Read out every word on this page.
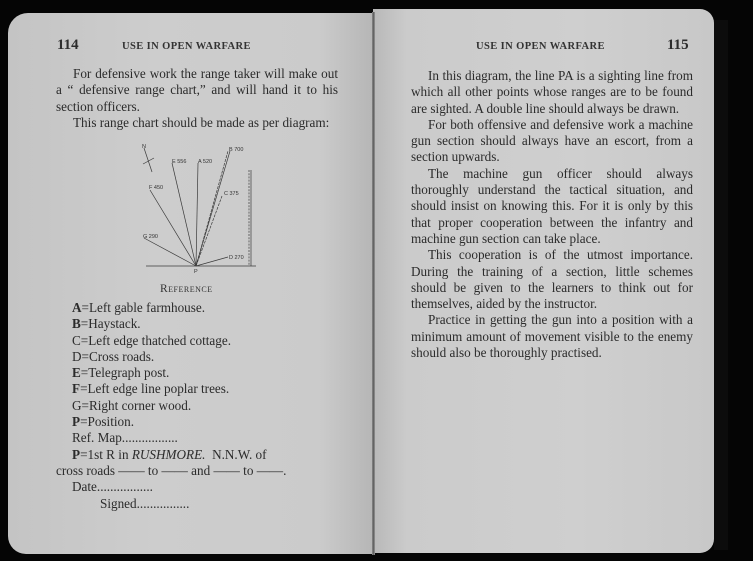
114	USE IN OPEN WARFARE

For defensive work the range taker will make out a “ defensive range chart,” and will hand it to his section officers.

This range chart should be made as per diagram:

N
E 556 A 520
B 700
F 450
C 375
G 290
D 270
P
Reference
A=Left gable farmhouse.
B=Haystack.
C=Left edge thatched cottage.
D=Cross roads.
E=Telegraph post.
F=Left edge line poplar trees.
G=Right corner wood.
P=Position.
Ref. Map.................
P=1st R in RUSHMORE.  N.N.W. of
cross roads —— to —— and —— to ——.
Date.................
Signed................
USE IN OPEN WARFARE	115

In this diagram, the line PA is a sighting line from which all other points whose ranges are to be found are sighted. A double line should always be drawn.

For both offensive and defensive work a machine gun section should always have an escort, from a section upwards.

The machine gun officer should always thoroughly understand the tactical situation, and should insist on knowing this. For it is only by this that proper cooperation between the infantry and machine gun section can take place.

This cooperation is of the utmost importance. During the training of a section, little schemes should be given to the learners to think out for themselves, aided by the instructor.

Practice in getting the gun into a position with a minimum amount of movement visible to the enemy should also be thoroughly practised.
